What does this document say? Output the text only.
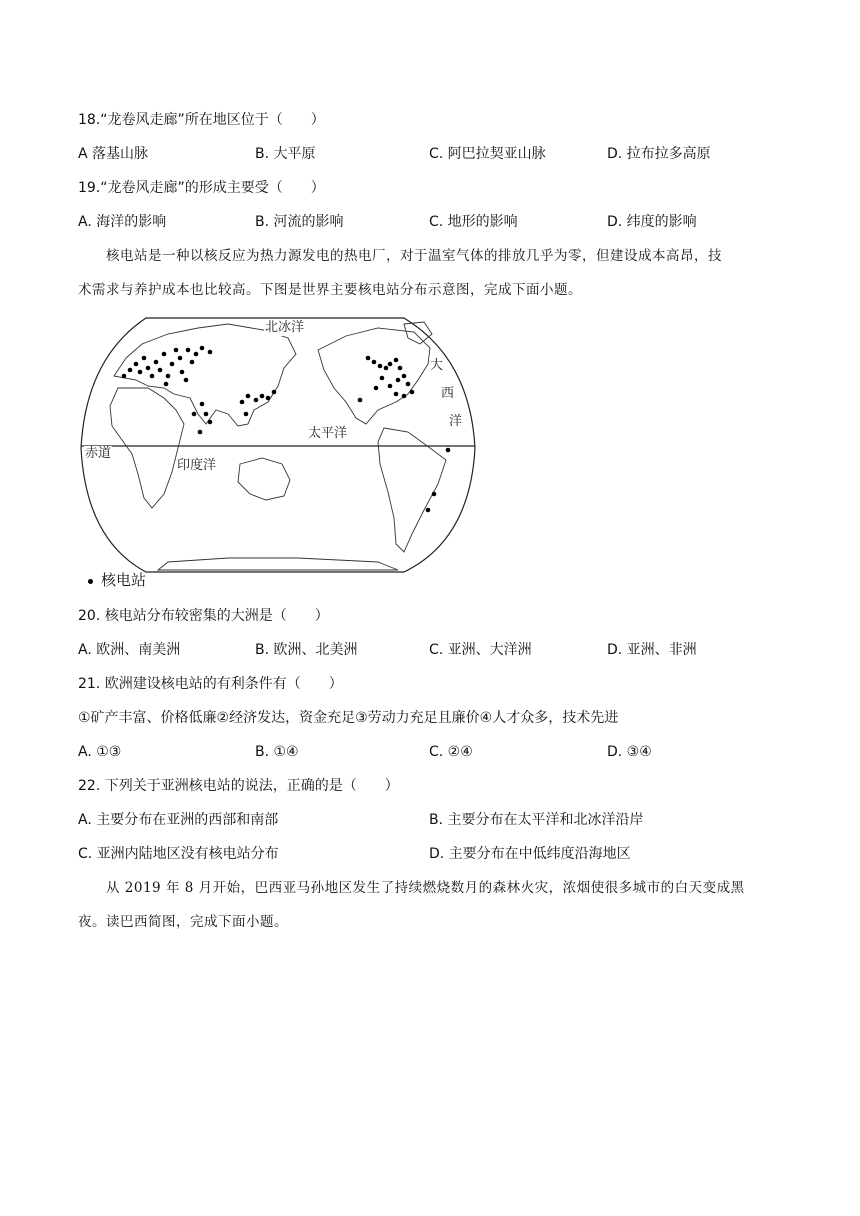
18.“龙卷风走廊”所在地区位于（　　）
A 落基山脉	B. 大平原	C. 阿巴拉契亚山脉	D. 拉布拉多高原
19.“龙卷风走廊”的形成主要受（　　）
A. 海洋的影响	B. 河流的影响	C. 地形的影响	D. 纬度的影响
核电站是一种以核反应为热力源发电的热电厂，对于温室气体的排放几乎为零，但建设成本高昂，技
术需求与养护成本也比较高。下图是世界主要核电站分布示意图，完成下面小题。
北冰洋
大
西
洋
太平洋
赤道
印度洋
核电站
20. 核电站分布较密集的大洲是（　　）
A. 欧洲、南美洲	B. 欧洲、北美洲	C. 亚洲、大洋洲	D. 亚洲、非洲
21. 欧洲建设核电站的有利条件有（　　）
①矿产丰富、价格低廉②经济发达，资金充足③劳动力充足且廉价④人才众多，技术先进
A. ①③	B. ①④	C. ②④	D. ③④
22. 下列关于亚洲核电站的说法，正确的是（　　）
A. 主要分布在亚洲的西部和南部	B. 主要分布在太平洋和北冰洋沿岸
C. 亚洲内陆地区没有核电站分布	D. 主要分布在中低纬度沿海地区
从 2019 年 8 月开始，巴西亚马孙地区发生了持续燃烧数月的森林火灾，浓烟使很多城市的白天变成黑
夜。读巴西简图，完成下面小题。
